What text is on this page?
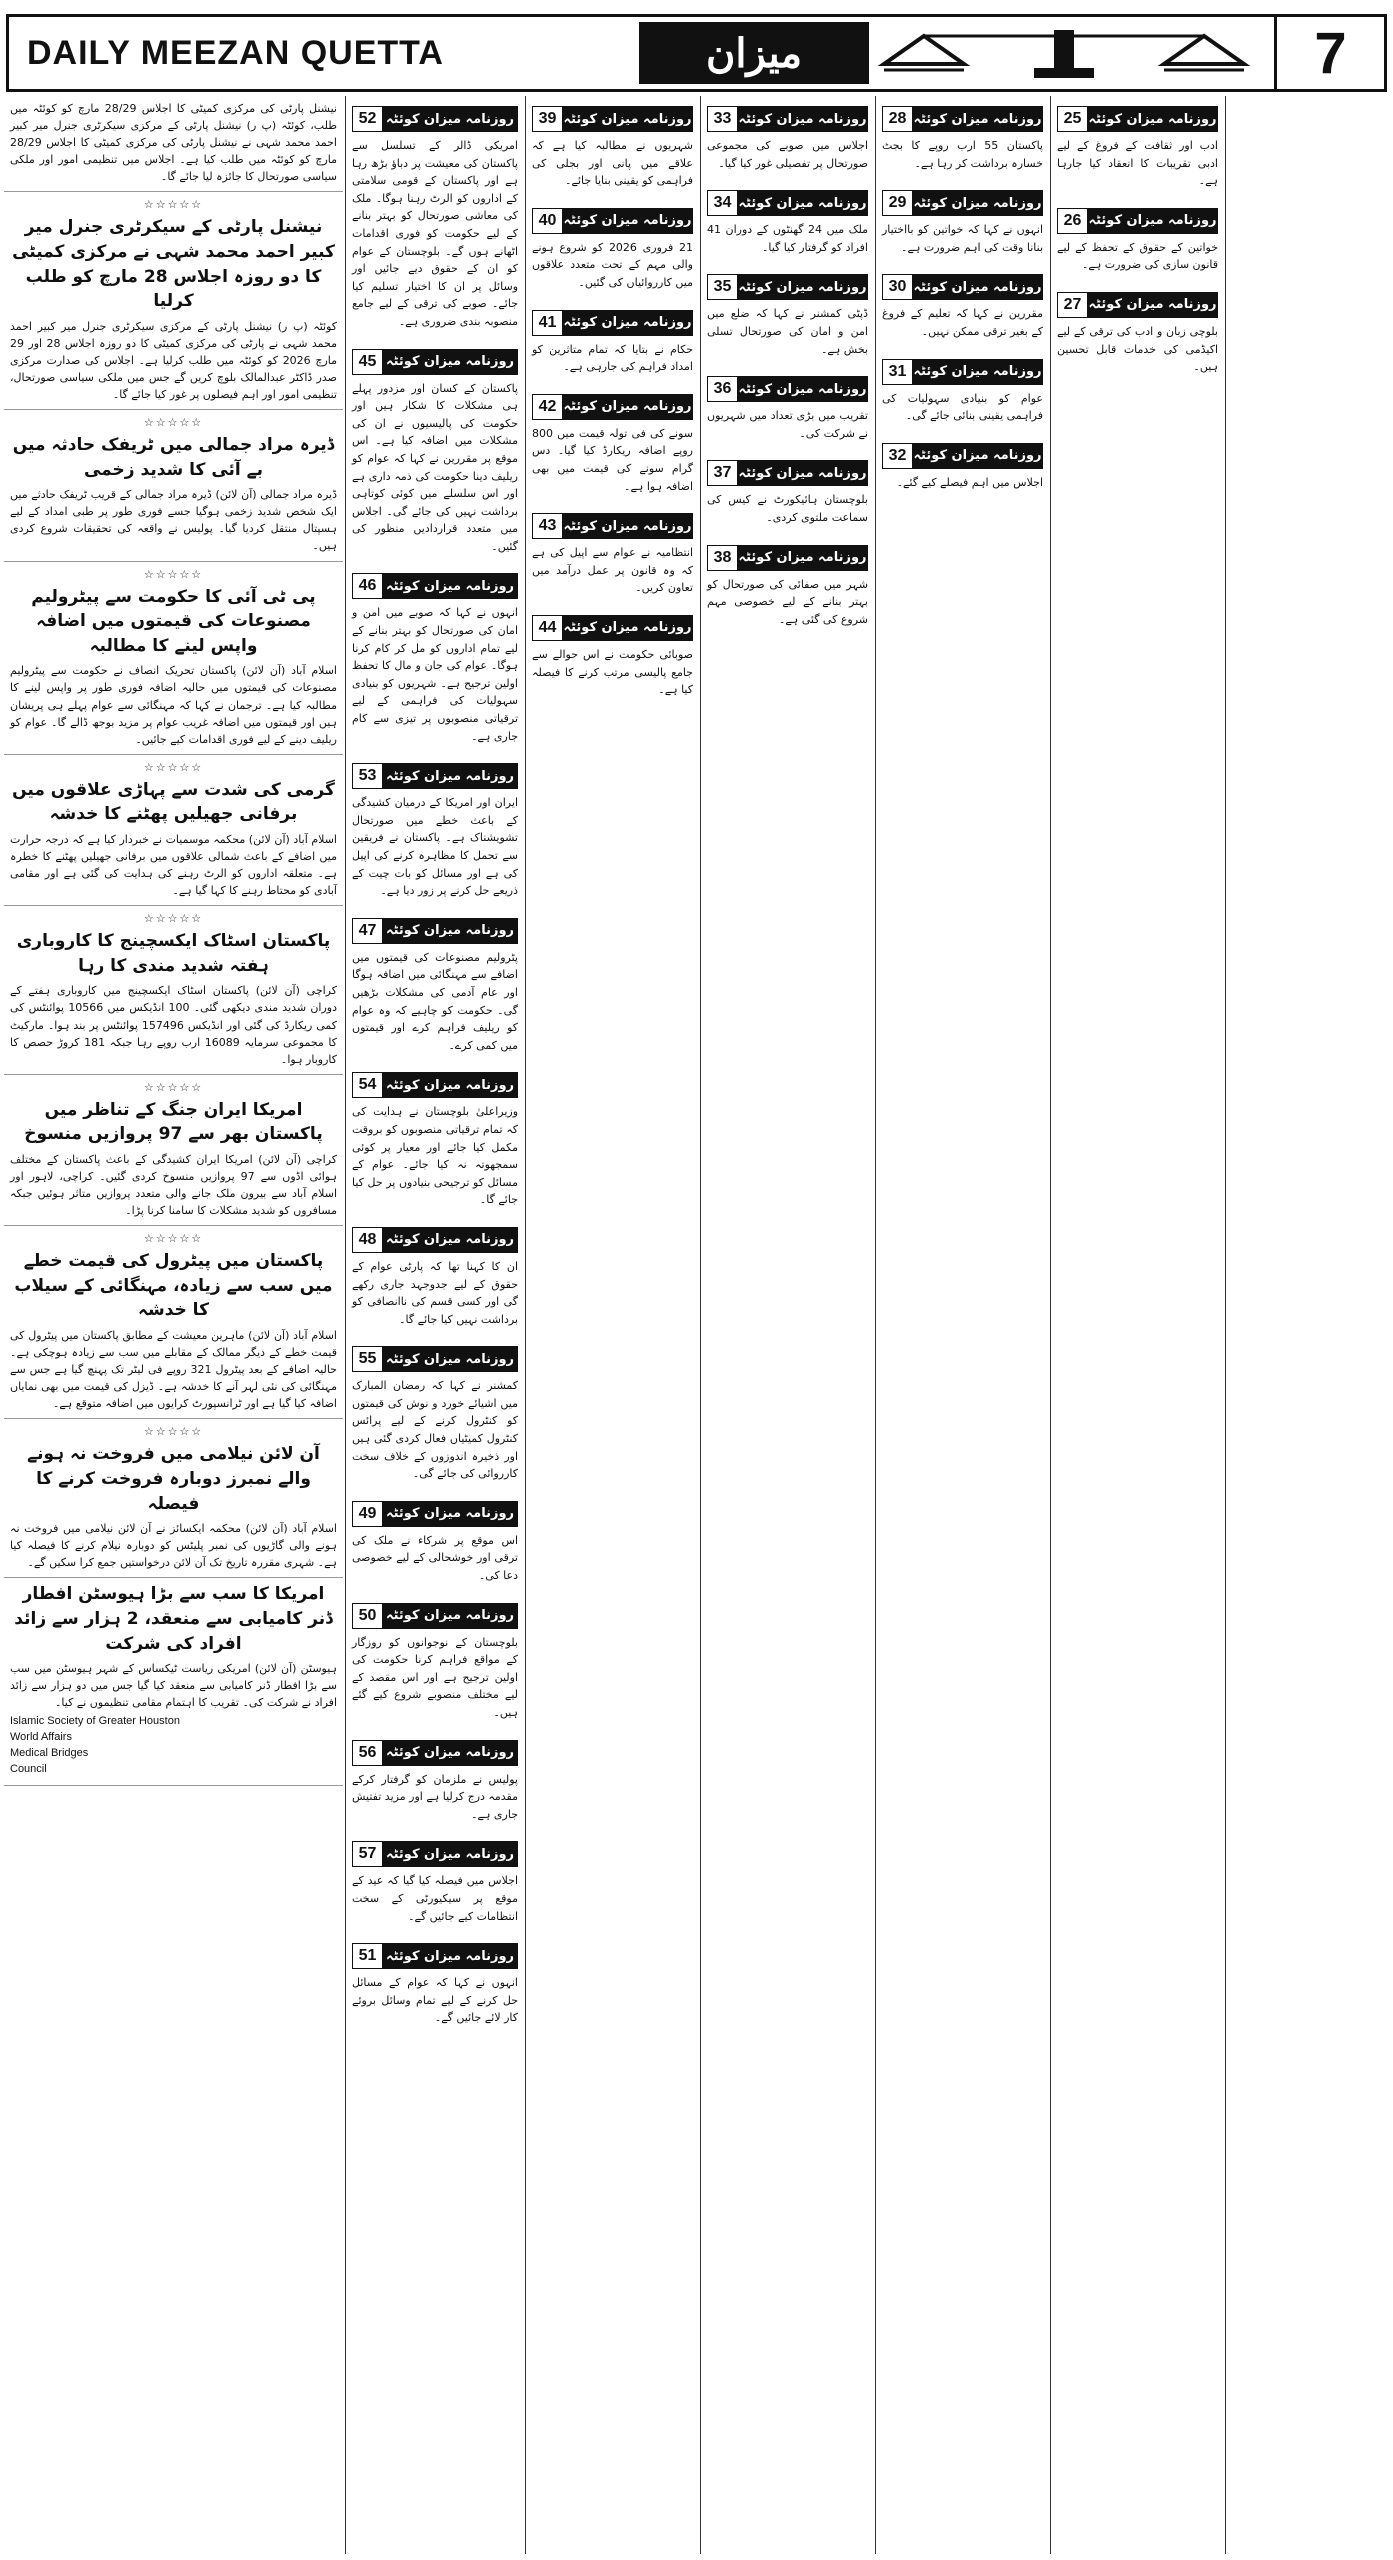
DAILY MEEZAN QUETTA	میزان	7

نیشنل پارٹی کی مرکزی کمیٹی کا اجلاس 28/29 مارچ کو کوئٹہ میں طلب، کوئٹہ (پ ر) نیشنل پارٹی کے مرکزی سیکرٹری جنرل میر کبیر احمد محمد شہی نے نیشنل پارٹی کی مرکزی کمیٹی کا اجلاس 28/29 مارچ کو کوئٹہ میں طلب کیا ہے۔ اجلاس میں تنظیمی امور اور ملکی سیاسی صورتحال کا جائزہ لیا جائے گا۔

☆☆☆☆☆
نیشنل پارٹی کے سیکرٹری جنرل میر کبیر احمد محمد شہی نے مرکزی کمیٹی کا دو روزہ اجلاس 28 مارچ کو طلب کرلیا

کوئٹہ (پ ر) نیشنل پارٹی کے مرکزی سیکرٹری جنرل میر کبیر احمد محمد شہی نے پارٹی کی مرکزی کمیٹی کا دو روزہ اجلاس 28 اور 29 مارچ 2026 کو کوئٹہ میں طلب کرلیا ہے۔ اجلاس کی صدارت مرکزی صدر ڈاکٹر عبدالمالک بلوچ کریں گے جس میں ملکی سیاسی صورتحال، تنظیمی امور اور اہم فیصلوں پر غور کیا جائے گا۔

☆☆☆☆☆
ڈیرہ مراد جمالی میں ٹریفک حادثہ میں بے آئی کا شدید زخمی

ڈیرہ مراد جمالی (آن لائن) ڈیرہ مراد جمالی کے قریب ٹریفک حادثے میں ایک شخص شدید زخمی ہوگیا جسے فوری طور پر طبی امداد کے لیے ہسپتال منتقل کردیا گیا۔ پولیس نے واقعہ کی تحقیقات شروع کردی ہیں۔

☆☆☆☆☆
پی ٹی آئی کا حکومت سے پیٹرولیم مصنوعات کی قیمتوں میں اضافہ واپس لینے کا مطالبہ

اسلام آباد (آن لائن) پاکستان تحریک انصاف نے حکومت سے پیٹرولیم مصنوعات کی قیمتوں میں حالیہ اضافہ فوری طور پر واپس لینے کا مطالبہ کیا ہے۔ ترجمان نے کہا کہ مہنگائی سے عوام پہلے ہی پریشان ہیں اور قیمتوں میں اضافہ غریب عوام پر مزید بوجھ ڈالے گا۔ عوام کو ریلیف دینے کے لیے فوری اقدامات کیے جائیں۔

☆☆☆☆☆
گرمی کی شدت سے پہاڑی علاقوں میں برفانی جھیلیں پھٹنے کا خدشہ

اسلام آباد (آن لائن) محکمہ موسمیات نے خبردار کیا ہے کہ درجہ حرارت میں اضافے کے باعث شمالی علاقوں میں برفانی جھیلیں پھٹنے کا خطرہ ہے۔ متعلقہ اداروں کو الرٹ رہنے کی ہدایت کی گئی ہے اور مقامی آبادی کو محتاط رہنے کا کہا گیا ہے۔

☆☆☆☆☆
پاکستان اسٹاک ایکسچینج کا کاروباری ہفتہ شدید مندی کا رہا

کراچی (آن لائن) پاکستان اسٹاک ایکسچینج میں کاروباری ہفتے کے دوران شدید مندی دیکھی گئی۔ 100 انڈیکس میں 10566 پوائنٹس کی کمی ریکارڈ کی گئی اور انڈیکس 157496 پوائنٹس پر بند ہوا۔ مارکیٹ کا مجموعی سرمایہ 16089 ارب روپے رہا جبکہ 181 کروڑ حصص کا کاروبار ہوا۔

☆☆☆☆☆
امریکا ایران جنگ کے تناظر میں پاکستان بھر سے 97 پروازیں منسوخ

کراچی (آن لائن) امریکا ایران کشیدگی کے باعث پاکستان کے مختلف ہوائی اڈوں سے 97 پروازیں منسوخ کردی گئیں۔ کراچی، لاہور اور اسلام آباد سے بیرون ملک جانے والی متعدد پروازیں متاثر ہوئیں جبکہ مسافروں کو شدید مشکلات کا سامنا کرنا پڑا۔

☆☆☆☆☆
پاکستان میں پیٹرول کی قیمت خطے میں سب سے زیادہ، مہنگائی کے سیلاب کا خدشہ

اسلام آباد (آن لائن) ماہرین معیشت کے مطابق پاکستان میں پیٹرول کی قیمت خطے کے دیگر ممالک کے مقابلے میں سب سے زیادہ ہوچکی ہے۔ حالیہ اضافے کے بعد پیٹرول 321 روپے فی لیٹر تک پہنچ گیا ہے جس سے مہنگائی کی نئی لہر آنے کا خدشہ ہے۔ ڈیزل کی قیمت میں بھی نمایاں اضافہ کیا گیا ہے اور ٹرانسپورٹ کرایوں میں اضافہ متوقع ہے۔

☆☆☆☆☆
آن لائن نیلامی میں فروخت نہ ہونے والے نمبرز دوبارہ فروخت کرنے کا فیصلہ

اسلام آباد (آن لائن) محکمہ ایکسائز نے آن لائن نیلامی میں فروخت نہ ہونے والی گاڑیوں کی نمبر پلیٹس کو دوبارہ نیلام کرنے کا فیصلہ کیا ہے۔ شہری مقررہ تاریخ تک آن لائن درخواستیں جمع کرا سکیں گے۔

امریکا کا سب سے بڑا ہیوسٹن افطار ڈنر کامیابی سے منعقد، 2 ہزار سے زائد افراد کی شرکت

ہیوسٹن (آن لائن) امریکی ریاست ٹیکساس کے شہر ہیوسٹن میں سب سے بڑا افطار ڈنر کامیابی سے منعقد کیا گیا جس میں دو ہزار سے زائد افراد نے شرکت کی۔ تقریب کا اہتمام مقامی تنظیموں نے کیا۔

Islamic Society of Greater Houston
World Affairs
Medical Bridges
Council
52 روزنامہ میزان کوئٹہ

امریکی ڈالر کے تسلسل سے پاکستان کی معیشت پر دباؤ بڑھ رہا ہے اور پاکستان کے قومی سلامتی کے اداروں کو الرٹ رہنا ہوگا۔ ملک کی معاشی صورتحال کو بہتر بنانے کے لیے حکومت کو فوری اقدامات اٹھانے ہوں گے۔ بلوچستان کے عوام کو ان کے حقوق دیے جائیں اور وسائل پر ان کا اختیار تسلیم کیا جائے۔ صوبے کی ترقی کے لیے جامع منصوبہ بندی ضروری ہے۔

45 روزنامہ میزان کوئٹہ

پاکستان کے کسان اور مزدور پہلے ہی مشکلات کا شکار ہیں اور حکومت کی پالیسیوں نے ان کی مشکلات میں اضافہ کیا ہے۔ اس موقع پر مقررین نے کہا کہ عوام کو ریلیف دینا حکومت کی ذمہ داری ہے اور اس سلسلے میں کوئی کوتاہی برداشت نہیں کی جائے گی۔ اجلاس میں متعدد قراردادیں منظور کی گئیں۔

46 روزنامہ میزان کوئٹہ

انہوں نے کہا کہ صوبے میں امن و امان کی صورتحال کو بہتر بنانے کے لیے تمام اداروں کو مل کر کام کرنا ہوگا۔ عوام کی جان و مال کا تحفظ اولین ترجیح ہے۔ شہریوں کو بنیادی سہولیات کی فراہمی کے لیے ترقیاتی منصوبوں پر تیزی سے کام جاری ہے۔

53 روزنامہ میزان کوئٹہ

ایران اور امریکا کے درمیان کشیدگی کے باعث خطے میں صورتحال تشویشناک ہے۔ پاکستان نے فریقین سے تحمل کا مظاہرہ کرنے کی اپیل کی ہے اور مسائل کو بات چیت کے ذریعے حل کرنے پر زور دیا ہے۔

47 روزنامہ میزان کوئٹہ

پٹرولیم مصنوعات کی قیمتوں میں اضافے سے مہنگائی میں اضافہ ہوگا اور عام آدمی کی مشکلات بڑھیں گی۔ حکومت کو چاہیے کہ وہ عوام کو ریلیف فراہم کرے اور قیمتوں میں کمی کرے۔

54 روزنامہ میزان کوئٹہ

وزیراعلیٰ بلوچستان نے ہدایت کی کہ تمام ترقیاتی منصوبوں کو بروقت مکمل کیا جائے اور معیار پر کوئی سمجھوتہ نہ کیا جائے۔ عوام کے مسائل کو ترجیحی بنیادوں پر حل کیا جائے گا۔

48 روزنامہ میزان کوئٹہ

ان کا کہنا تھا کہ پارٹی عوام کے حقوق کے لیے جدوجہد جاری رکھے گی اور کسی قسم کی ناانصافی کو برداشت نہیں کیا جائے گا۔

55 روزنامہ میزان کوئٹہ

کمشنر نے کہا کہ رمضان المبارک میں اشیائے خورد و نوش کی قیمتوں کو کنٹرول کرنے کے لیے پرائس کنٹرول کمیٹیاں فعال کردی گئی ہیں اور ذخیرہ اندوزوں کے خلاف سخت کارروائی کی جائے گی۔

49 روزنامہ میزان کوئٹہ

اس موقع پر شرکاء نے ملک کی ترقی اور خوشحالی کے لیے خصوصی دعا کی۔

50 روزنامہ میزان کوئٹہ

بلوچستان کے نوجوانوں کو روزگار کے مواقع فراہم کرنا حکومت کی اولین ترجیح ہے اور اس مقصد کے لیے مختلف منصوبے شروع کیے گئے ہیں۔

56 روزنامہ میزان کوئٹہ

پولیس نے ملزمان کو گرفتار کرکے مقدمہ درج کرلیا ہے اور مزید تفتیش جاری ہے۔

57 روزنامہ میزان کوئٹہ

اجلاس میں فیصلہ کیا گیا کہ عید کے موقع پر سیکیورٹی کے سخت انتظامات کیے جائیں گے۔

51 روزنامہ میزان کوئٹہ

انہوں نے کہا کہ عوام کے مسائل حل کرنے کے لیے تمام وسائل بروئے کار لائے جائیں گے۔

39 روزنامہ میزان کوئٹہ

شہریوں نے مطالبہ کیا ہے کہ علاقے میں پانی اور بجلی کی فراہمی کو یقینی بنایا جائے۔

40 روزنامہ میزان کوئٹہ

21 فروری 2026 کو شروع ہونے والی مہم کے تحت متعدد علاقوں میں کارروائیاں کی گئیں۔

41 روزنامہ میزان کوئٹہ

حکام نے بتایا کہ تمام متاثرین کو امداد فراہم کی جارہی ہے۔

42 روزنامہ میزان کوئٹہ

سونے کی فی تولہ قیمت میں 800 روپے اضافہ ریکارڈ کیا گیا۔ دس گرام سونے کی قیمت میں بھی اضافہ ہوا ہے۔

43 روزنامہ میزان کوئٹہ

انتظامیہ نے عوام سے اپیل کی ہے کہ وہ قانون پر عمل درآمد میں تعاون کریں۔

44 روزنامہ میزان کوئٹہ

صوبائی حکومت نے اس حوالے سے جامع پالیسی مرتب کرنے کا فیصلہ کیا ہے۔

33 روزنامہ میزان کوئٹہ

اجلاس میں صوبے کی مجموعی صورتحال پر تفصیلی غور کیا گیا۔

34 روزنامہ میزان کوئٹہ

ملک میں 24 گھنٹوں کے دوران 41 افراد کو گرفتار کیا گیا۔

35 روزنامہ میزان کوئٹہ

ڈپٹی کمشنر نے کہا کہ ضلع میں امن و امان کی صورتحال تسلی بخش ہے۔

36 روزنامہ میزان کوئٹہ

تقریب میں بڑی تعداد میں شہریوں نے شرکت کی۔

37 روزنامہ میزان کوئٹہ

بلوچستان ہائیکورٹ نے کیس کی سماعت ملتوی کردی۔

38 روزنامہ میزان کوئٹہ

شہر میں صفائی کی صورتحال کو بہتر بنانے کے لیے خصوصی مہم شروع کی گئی ہے۔

28 روزنامہ میزان کوئٹہ

پاکستان 55 ارب روپے کا بجٹ خسارہ برداشت کر رہا ہے۔

29 روزنامہ میزان کوئٹہ

انہوں نے کہا کہ خواتین کو بااختیار بنانا وقت کی اہم ضرورت ہے۔

30 روزنامہ میزان کوئٹہ

مقررین نے کہا کہ تعلیم کے فروغ کے بغیر ترقی ممکن نہیں۔

31 روزنامہ میزان کوئٹہ

عوام کو بنیادی سہولیات کی فراہمی یقینی بنائی جائے گی۔

32 روزنامہ میزان کوئٹہ

اجلاس میں اہم فیصلے کیے گئے۔

25 روزنامہ میزان کوئٹہ

ادب اور ثقافت کے فروغ کے لیے ادبی تقریبات کا انعقاد کیا جارہا ہے۔

26 روزنامہ میزان کوئٹہ

خواتین کے حقوق کے تحفظ کے لیے قانون سازی کی ضرورت ہے۔

27 روزنامہ میزان کوئٹہ

بلوچی زبان و ادب کی ترقی کے لیے اکیڈمی کی خدمات قابل تحسین ہیں۔
